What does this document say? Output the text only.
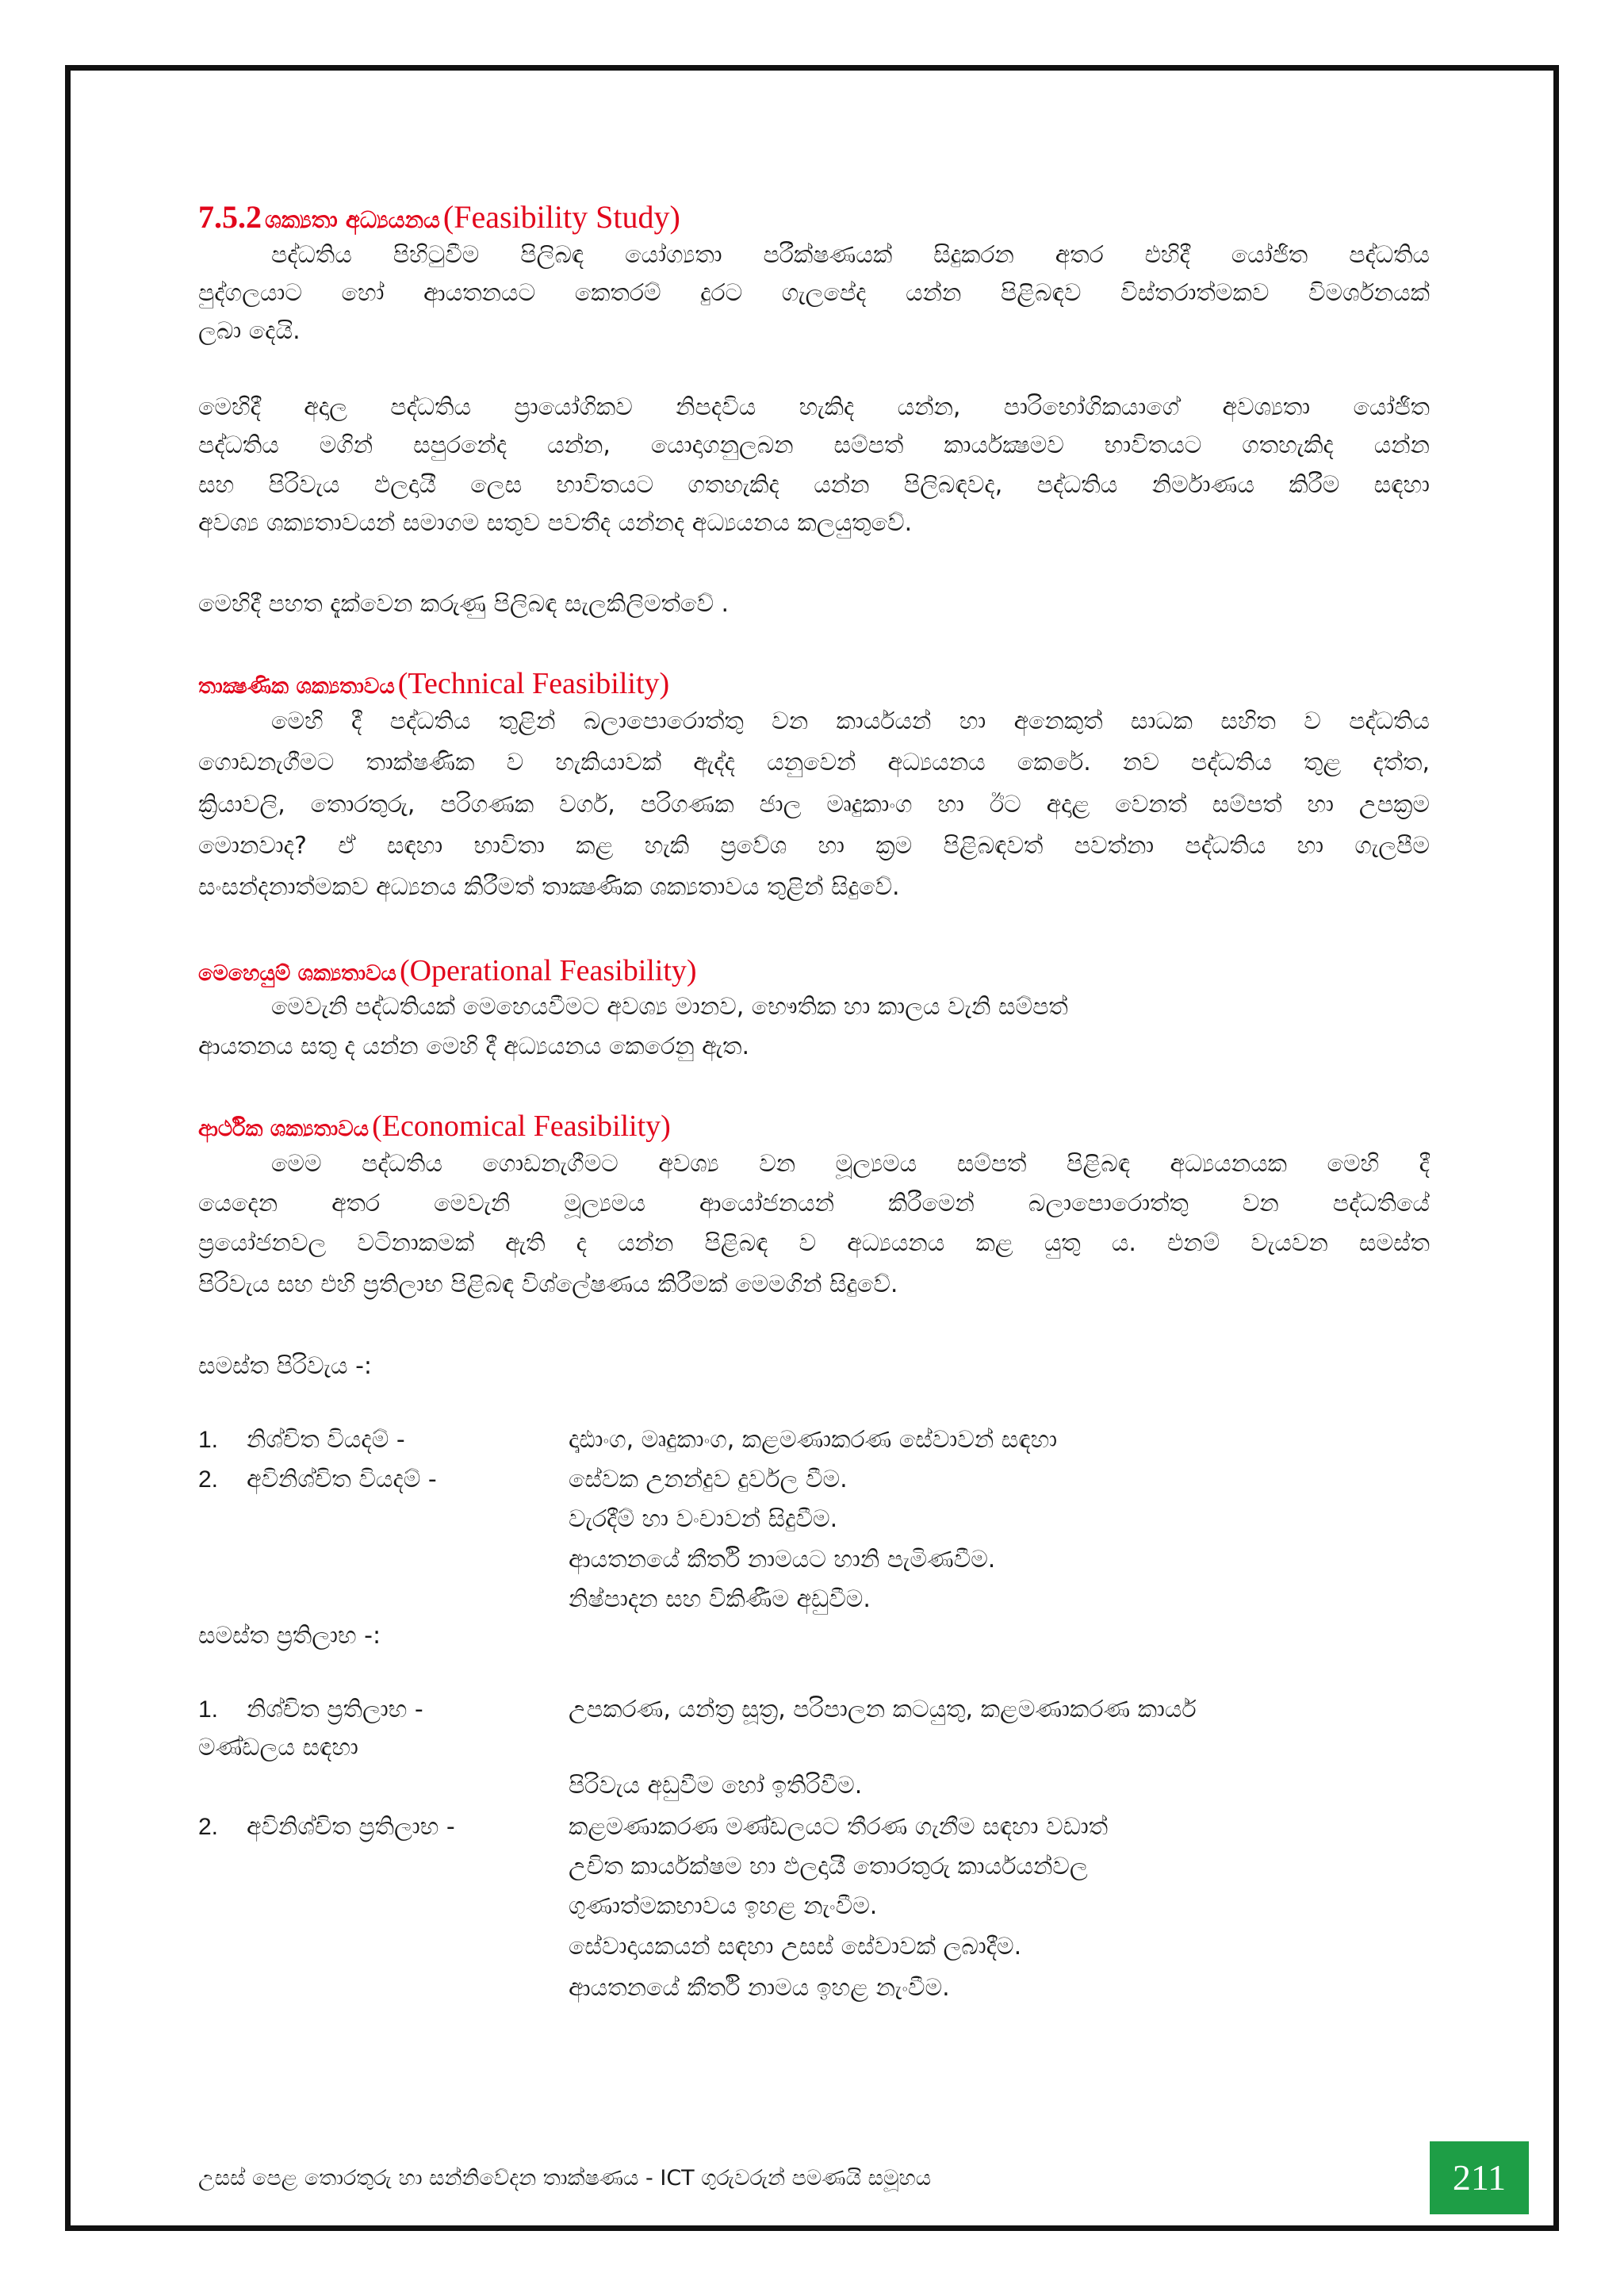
7.5.2 ශක්‍යතා අධ්‍යයනය (Feasibility Study)
පද්ධතිය පිහිටුවීම පිලිබඳ යෝග්‍යතා පරීක්ෂණයක් සිදුකරන අතර එහිදී යෝජිත පද්ධතිය
පුද්ගලයාට හෝ ආයතනයට කෙතරම් දුරට ගැලපේද යන්න පිළිබඳව විස්තරාත්මකව විමර්ශනයක්
ලබා දෙයි.
මෙහිදී අදාල පද්ධතිය ප්‍රායෝගිකව නිපදවිය හැකිද යන්න, පාරිභෝගිකයාගේ අවශ්‍යතා යෝජිත
පද්ධතිය මගින් සපුරනේද යන්න, යොදාගනුලබන සම්පත් කාර්යක්‍ෂමව භාවිතයට ගතහැකිද යන්න
සහ පිරිවැය ඵලදායී ලෙස භාවිතයට ගතහැකිද යන්න පිලිබඳවද, පද්ධතිය නිර්මාණය කිරීම සඳහා
අවශ්‍ය ශක්‍යතාවයන් සමාගම සතුව පවතීද යන්නද අධ්‍යයනය කලයුතුවේ.
මෙහිදී පහත දැක්වෙන කරුණු පිලිබඳ සැලකිලිමත්වේ .
තාක්‍ෂණික ශක්‍යතාවය (Technical Feasibility)
මෙහි දී පද්ධතිය තුළින් බලාපොරොත්තු වන කාර්යයන් හා අනෙකුත් සාධක සහිත ව පද්ධතිය
ගොඩනැගීමට තාක්ෂණික ව හැකියාවක් ඇද්ද යනුවෙන් අධ්‍යයනය කෙරේ. නව පද්ධතිය තුළ දත්ත,
ක්‍රියාවලි, තොරතුරු, පරිගණක වර්ග, පරිගණක ජාල මෘදුකාංග හා ඊට අදාළ වෙනත් සම්පත් හා උපක්‍රම
මොනවාද? ඒ සඳහා භාවිතා කළ හැකි ප්‍රවේශ හා ක්‍රම පිළිබඳවත් පවත්නා පද්ධතිය හා ගැලපීම
සංසන්දනාත්මකව අධ්‍යනය කිරීමත් තාක්‍ෂණික ශක්‍යතාවය තුළින් සිදුවේ.
මෙහෙයුම් ශක්‍යතාවය (Operational Feasibility)
මෙවැනි පද්ධතියක් මෙහෙයවීමට අවශ්‍ය මානව, භෞතික හා කාලය වැනි සම්පත්
ආයතනය සතු ද යන්න මෙහි දී අධ්‍යයනය කෙරෙනු ඇත.
ආර්ථික ශක්‍යතාවය (Economical Feasibility)
මෙම පද්ධතිය ගොඩනැගීමට අවශ්‍ය වන මූල්‍යමය සම්පත් පිළිබඳ අධ්‍යයනයක මෙහි දී
යෙදෙන අතර මෙවැනි මූල්‍යමය ආයෝජනයන් කිරීමෙන් බලාපොරොත්තු වන පද්ධතියේ
ප්‍රයෝජනවල වටිනාකමක් ඇති ද යන්න පිළිබඳ ව අධ්‍යයනය කළ යුතු ය. එනම් වැයවන සමස්ත
පිරිවැය සහ එහි ප්‍රතිලාභ පිළිබඳ විශ්ලේෂණය කිරීමක් මෙමගින් සිදුවේ.
සමස්ත පිරිවැය -:
1.	නිශ්චිත වියදම් -	දෘඪාංග, මෘදුකාංග, කළමණාකරණ සේවාවන් සඳහා
2.	අවිනිශ්චිත වියදම් -	සේවක උනන්දුව දුර්වල වීම.
වැරදීම් හා වංචාවන් සිදුවීම.
ආයතනයේ කීර්ති නාමයට හානි පැමිණවීම.
නිෂ්පාදන සහ විකිණීම අඩුවීම.
සමස්ත ප්‍රතිලාභ -:
1.	නිශ්චිත ප්‍රතිලාභ -	උපකරණ, යන්ත්‍ර සූත්‍ර, පරිපාලන කටයුතු, කළමණාකරණ කාර්ය
මණ්ඩලය සඳහා
පිරිවැය අඩුවීම හෝ ඉතිරිවීම.
2.	අවිනිශ්චිත ප්‍රතිලාභ -	කළමණාකරණ මණ්ඩලයට තීරණ ගැනීම සඳහා වඩාත්
උචිත කාර්යක්ෂම හා ඵලදායී තොරතුරු කාර්යයන්වල
ගුණාත්මකභාවය ඉහළ නැංවීම.
සේවාදායකයන් සඳහා උසස් සේවාවක් ලබාදීම.
ආයතනයේ කීර්ති නාමය ඉහළ නැංවීම.
උසස් පෙළ තොරතුරු හා සන්නිවේදන තාක්ෂණය - ICT ගුරුවරුන් පමණයි සමූහය	211
